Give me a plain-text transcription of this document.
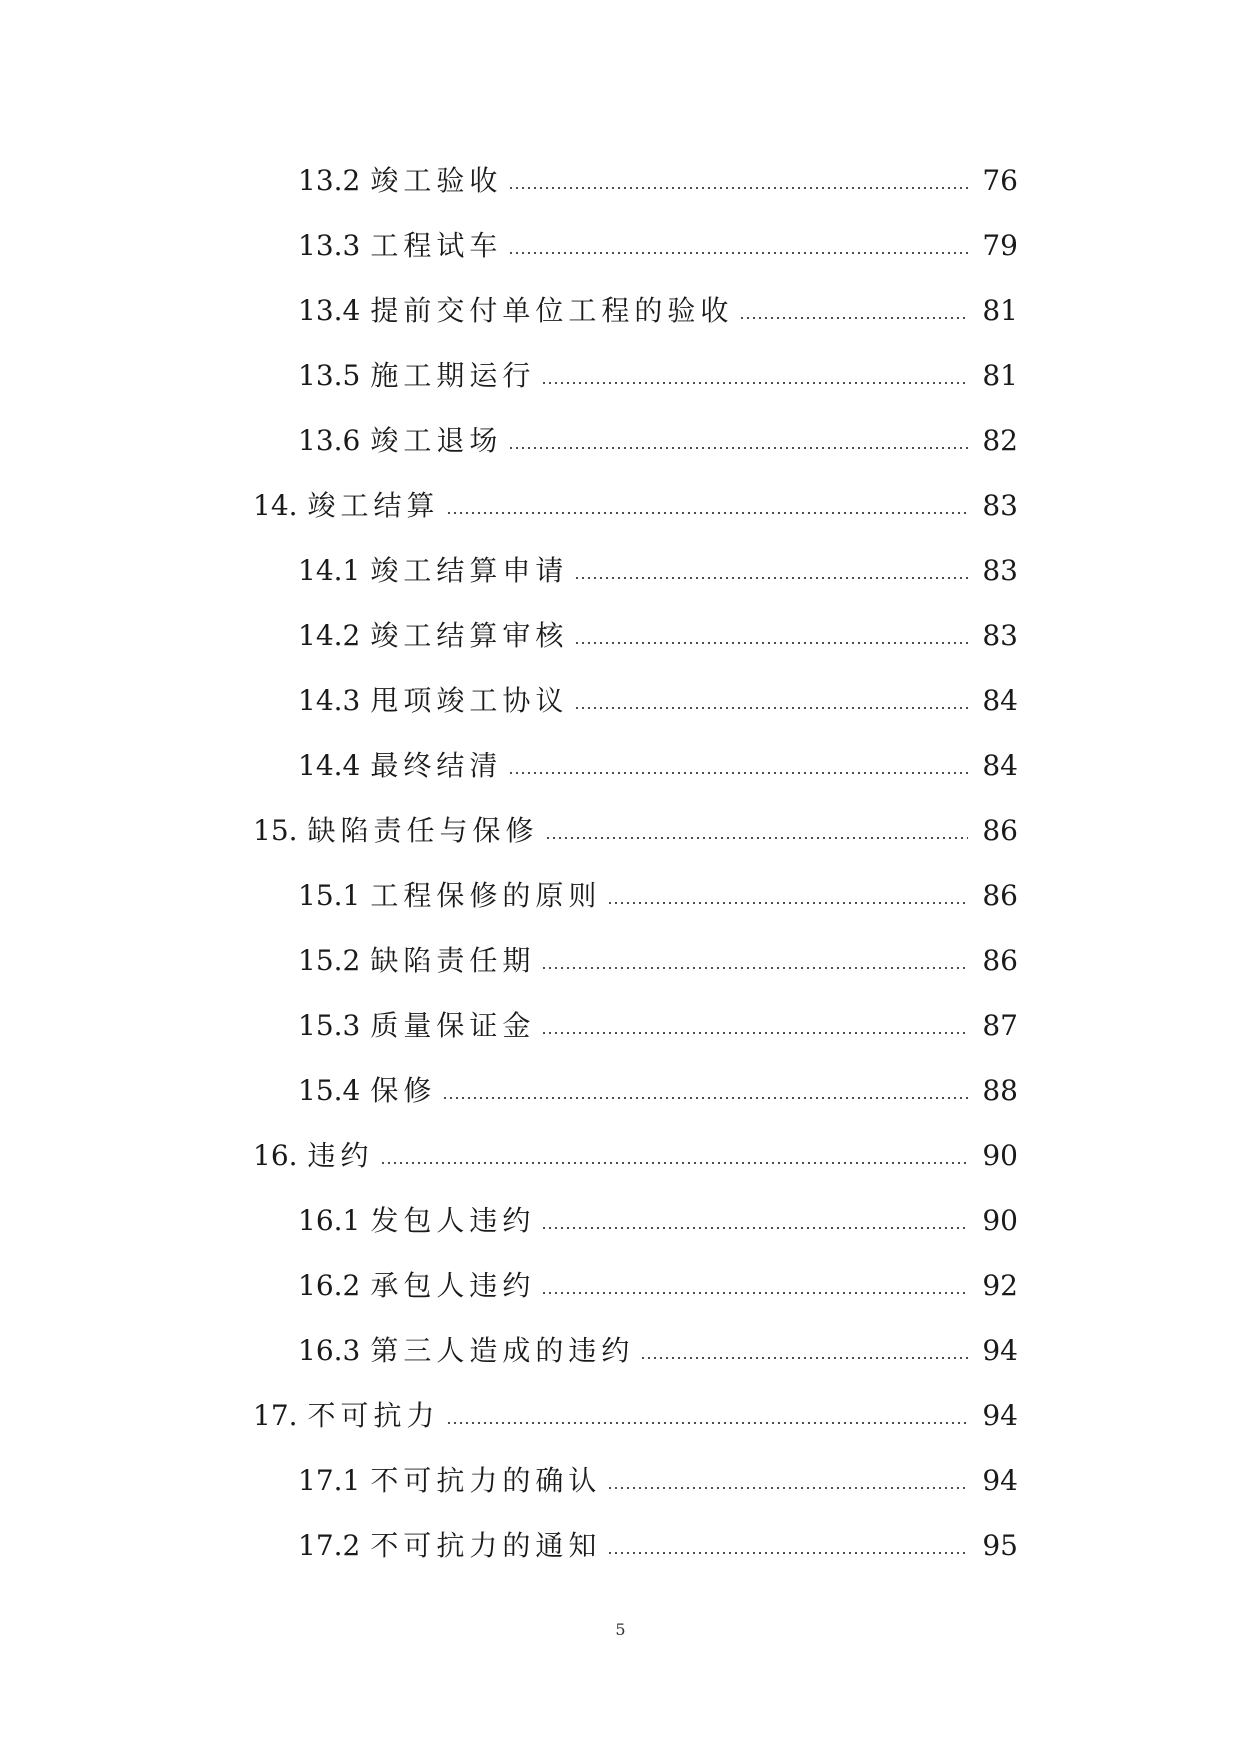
13.2 竣工验收	76
13.3 工程试车	79
13.4 提前交付单位工程的验收	81
13.5 施工期运行	81
13.6 竣工退场	82
14. 竣工结算	83
14.1 竣工结算申请	83
14.2 竣工结算审核	83
14.3 甩项竣工协议	84
14.4 最终结清	84
15. 缺陷责任与保修	86
15.1 工程保修的原则	86
15.2 缺陷责任期	86
15.3 质量保证金	87
15.4 保修	88
16. 违约	90
16.1 发包人违约	90
16.2 承包人违约	92
16.3 第三人造成的违约	94
17. 不可抗力	94
17.1 不可抗力的确认	94
17.2 不可抗力的通知	95
5
